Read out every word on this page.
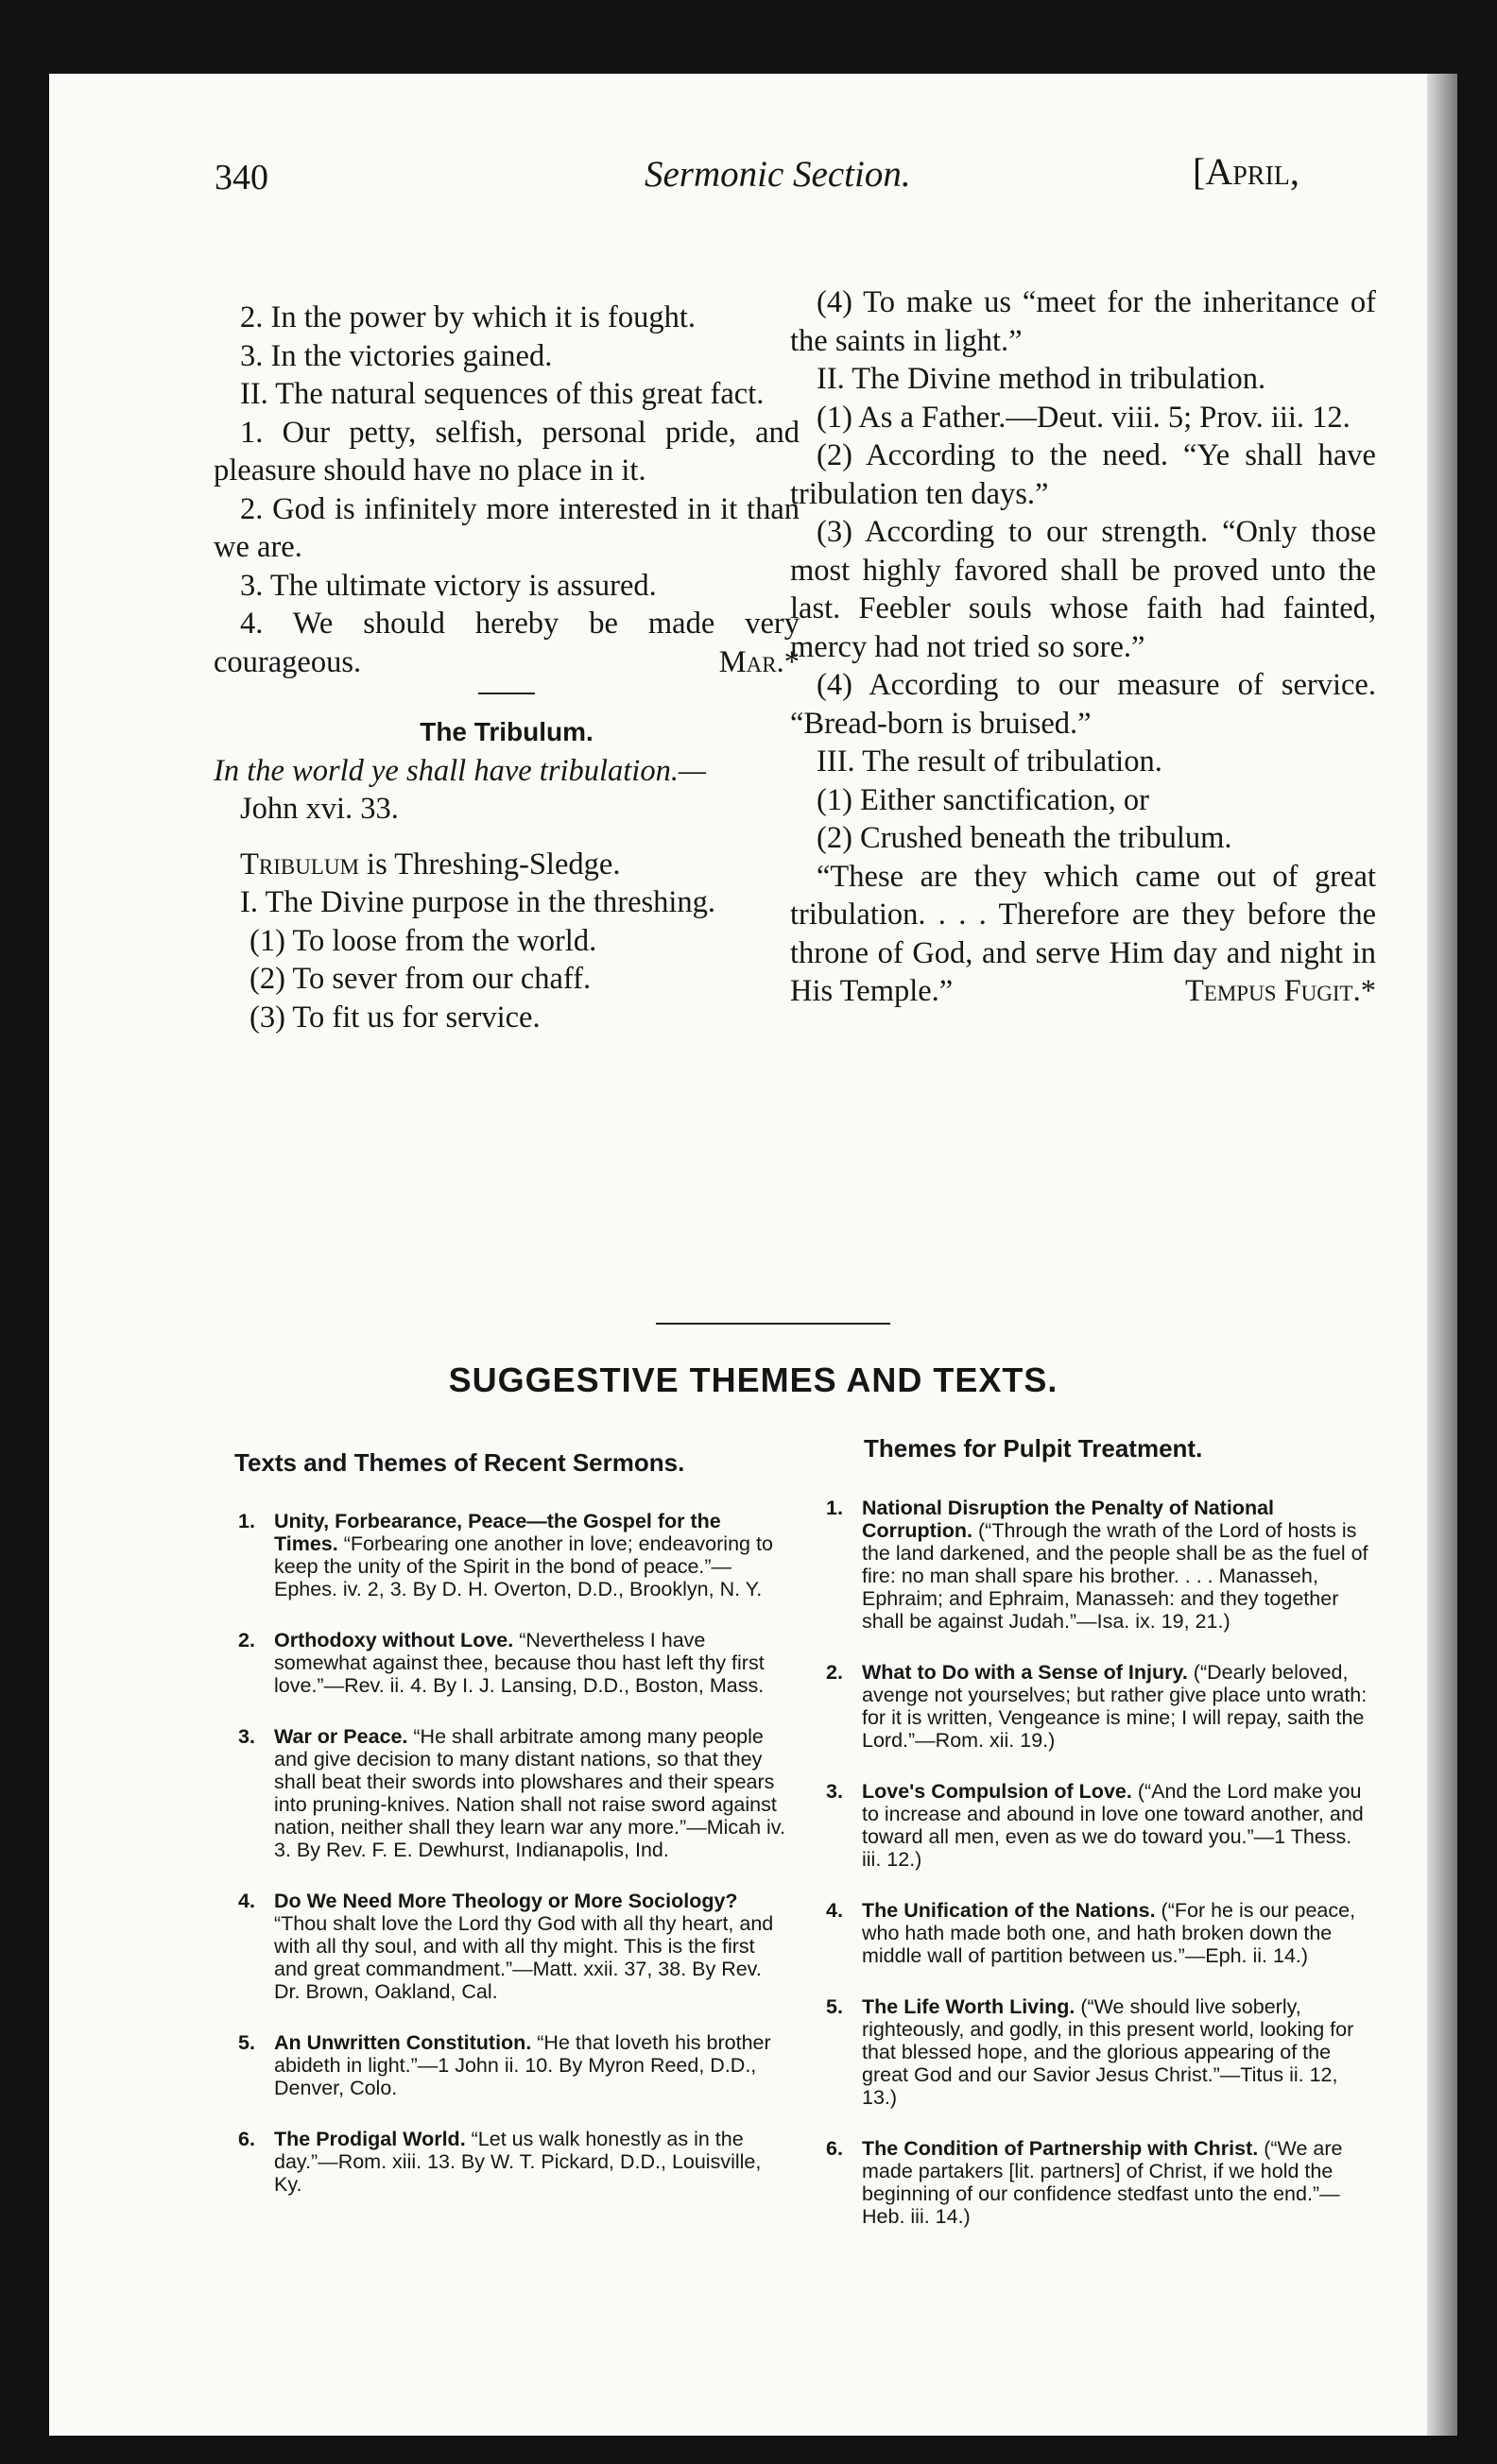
340	Sermonic Section.	[April,

2. In the power by which it is fought.

3. In the victories gained.

II. The natural sequences of this great fact.

1. Our petty, selfish, personal pride, and pleasure should have no place in it.

2. God is infinitely more interested in it than we are.

3. The ultimate victory is assured.

4. We should hereby be made very courageous.	Mar.*

The Tribulum.

In the world ye shall have tribulation.—

John xvi. 33.

Tribulum is Threshing-Sledge.

I. The Divine purpose in the threshing.

(1) To loose from the world.

(2) To sever from our chaff.

(3) To fit us for service.

(4) To make us “meet for the inheritance of the saints in light.”

II. The Divine method in tribulation.

(1) As a Father.—Deut. viii. 5; Prov. iii. 12.

(2) According to the need. “Ye shall have tribulation ten days.”

(3) According to our strength. “Only those most highly favored shall be proved unto the last. Feebler souls whose faith had fainted, mercy had not tried so sore.”

(4) According to our measure of service. “Bread-born is bruised.”

III. The result of tribulation.

(1) Either sanctification, or

(2) Crushed beneath the tribulum.

“These are they which came out of great tribulation. . . . Therefore are they before the throne of God, and serve Him day and night in His Temple.”	Tempus Fugit.*

SUGGESTIVE THEMES AND TEXTS.
Texts and Themes of Recent Sermons.	Themes for Pulpit Treatment.
1. Unity, Forbearance, Peace—the Gospel for the Times. “Forbearing one another in love; endeavoring to keep the unity of the Spirit in the bond of peace.”—Ephes. iv. 2, 3. By D. H. Overton, D.D., Brooklyn, N. Y.
2. Orthodoxy without Love. “Nevertheless I have somewhat against thee, because thou hast left thy first love.”—Rev. ii. 4. By I. J. Lansing, D.D., Boston, Mass.
3. War or Peace. “He shall arbitrate among many people and give decision to many distant nations, so that they shall beat their swords into plowshares and their spears into pruning-knives. Nation shall not raise sword against nation, neither shall they learn war any more.”—Micah iv. 3. By Rev. F. E. Dewhurst, Indianapolis, Ind.
4. Do We Need More Theology or More Sociology? “Thou shalt love the Lord thy God with all thy heart, and with all thy soul, and with all thy might. This is the first and great commandment.”—Matt. xxii. 37, 38. By Rev. Dr. Brown, Oakland, Cal.
5. An Unwritten Constitution. “He that loveth his brother abideth in light.”—1 John ii. 10. By Myron Reed, D.D., Denver, Colo.
6. The Prodigal World. “Let us walk honestly as in the day.”—Rom. xiii. 13. By W. T. Pickard, D.D., Louisville, Ky.
1. National Disruption the Penalty of National Corruption. (“Through the wrath of the Lord of hosts is the land darkened, and the people shall be as the fuel of fire: no man shall spare his brother. . . . Manasseh, Ephraim; and Ephraim, Manasseh: and they together shall be against Judah.”—Isa. ix. 19, 21.)
2. What to Do with a Sense of Injury. (“Dearly beloved, avenge not yourselves; but rather give place unto wrath: for it is written, Vengeance is mine; I will repay, saith the Lord.”—Rom. xii. 19.)
3. Love's Compulsion of Love. (“And the Lord make you to increase and abound in love one toward another, and toward all men, even as we do toward you.”—1 Thess. iii. 12.)
4. The Unification of the Nations. (“For he is our peace, who hath made both one, and hath broken down the middle wall of partition between us.”—Eph. ii. 14.)
5. The Life Worth Living. (“We should live soberly, righteously, and godly, in this present world, looking for that blessed hope, and the glorious appearing of the great God and our Savior Jesus Christ.”—Titus ii. 12, 13.)
6. The Condition of Partnership with Christ. (“We are made partakers [lit. partners] of Christ, if we hold the beginning of our confidence stedfast unto the end.”—Heb. iii. 14.)
